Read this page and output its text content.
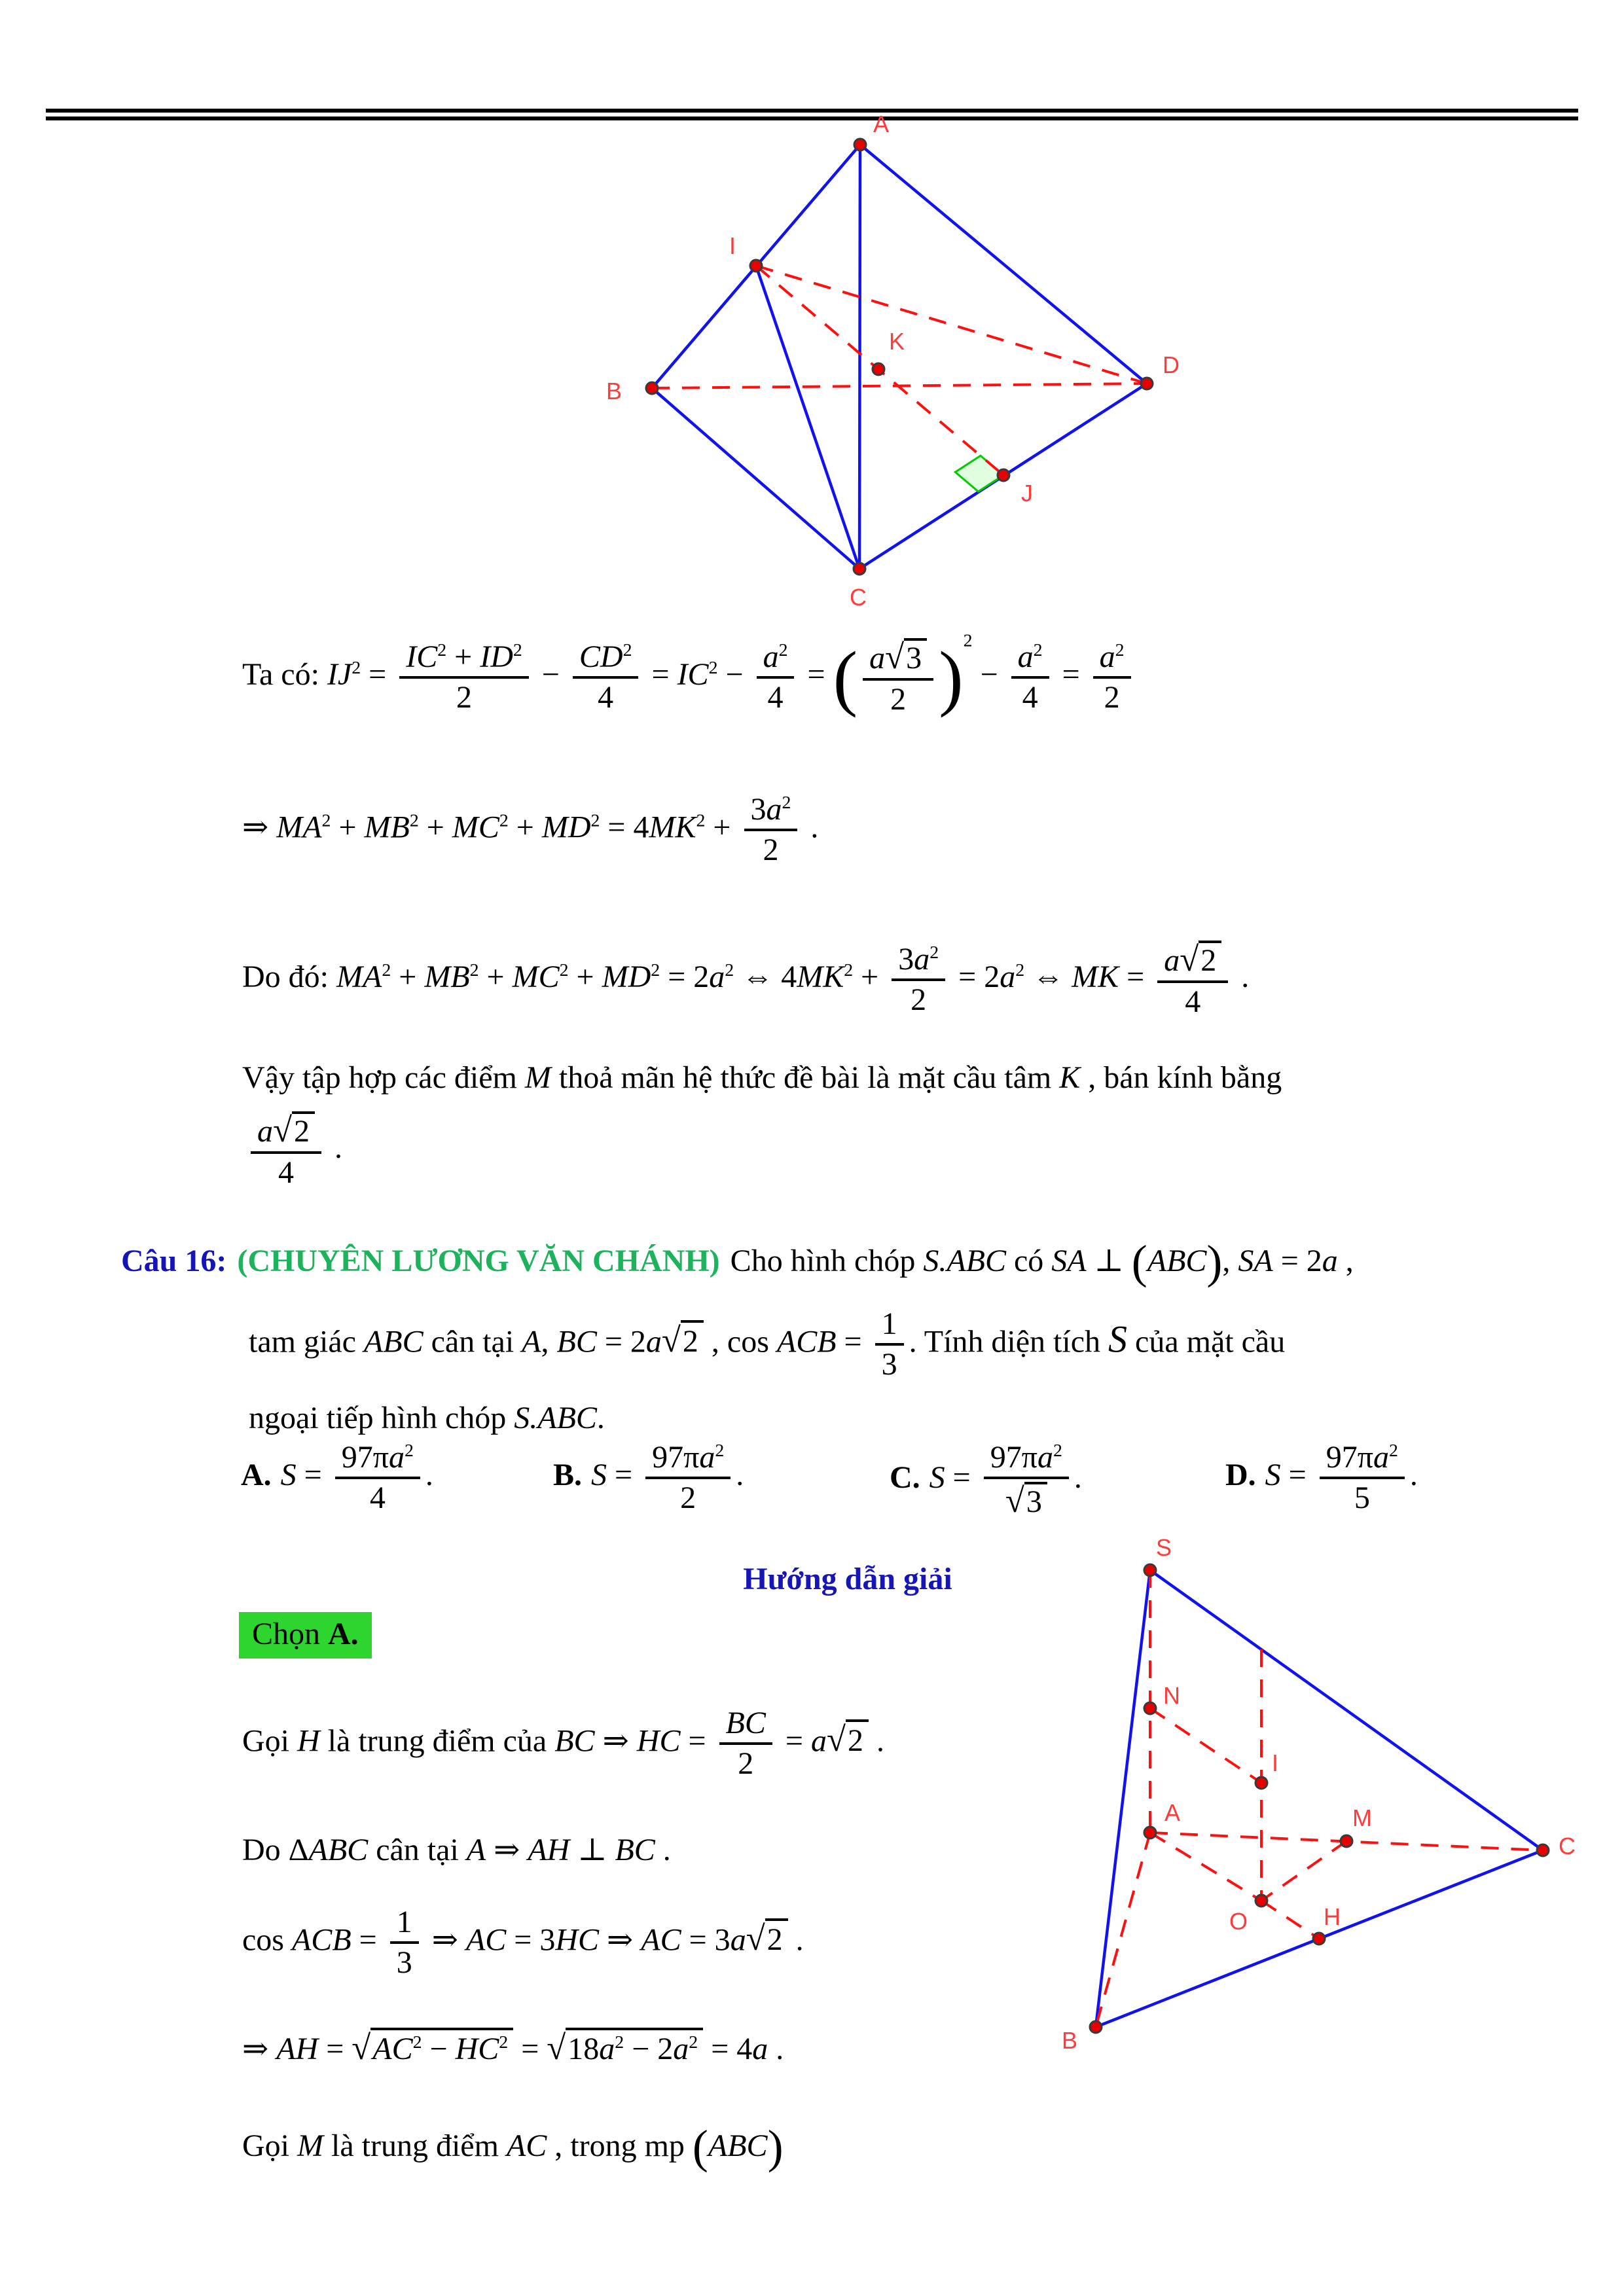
A
I
B
K
D
J
C
Ta có: $IJ^2 = \frac{IC^2 + ID^2}{2} - \frac{CD^2}{4} = IC^2 - \frac{a^2}{4}$ = ( $\frac{a√3}{2} )^2 - \frac{a^2}{4} = \frac{a^2}{2}$
⇒ $MA^2 + MB^2 + MC^2 + MD^2 = 4MK^2 + \frac{3a^2}{2}$ .
Do đó: $MA^2 + MB^2 + MC^2 + MD^2 = 2a^2$ ⇔ $4MK^2 + \frac{3a^2}{2} = 2a^2$ ⇔ MK = $\frac{a√2}{4}$ .
Vậy tập hợp các điểm M thoả mãn hệ thức đề bài là mặt cầu tâm K , bán kính bằng
$\frac{a√2}{4}$ .
Câu 16: (CHUYÊN LƯƠNG VĂN CHÁNH) Cho hình chóp S.ABC có SA ⊥ (ABC), SA = 2a ,
tam giác ABC cân tại A, BC = 2a√2 , cos ACB = $\frac{1}{3}$ . Tính diện tích S của mặt cầu
ngoại tiếp hình chóp S.ABC.
A. $S = \frac{97\pi a^2}{4}$ .	B. $S = \frac{97\pi a^2}{2}$ .	C. $S = \frac{97\pi a^2}{√3}$ .	D. $S = \frac{97\pi a^2}{5}$ .
Hướng dẫn giải
Chọn A.
S
N
A
I
M
C
O	H
B
Gọi H là trung điểm của BC ⇒ HC = $\frac{BC}{2} = a√2$ .
Do ΔABC cân tại A ⇒ AH ⊥ BC .
cos ACB = $\frac{1}{3}$ ⇒ AC = 3HC ⇒ AC = 3a√2 .
⇒ AH = $√AC^2 - HC^2 = √18a^2 - 2a^2 = 4a$ .
Gọi M là trung điểm AC , trong mp (ABC)
